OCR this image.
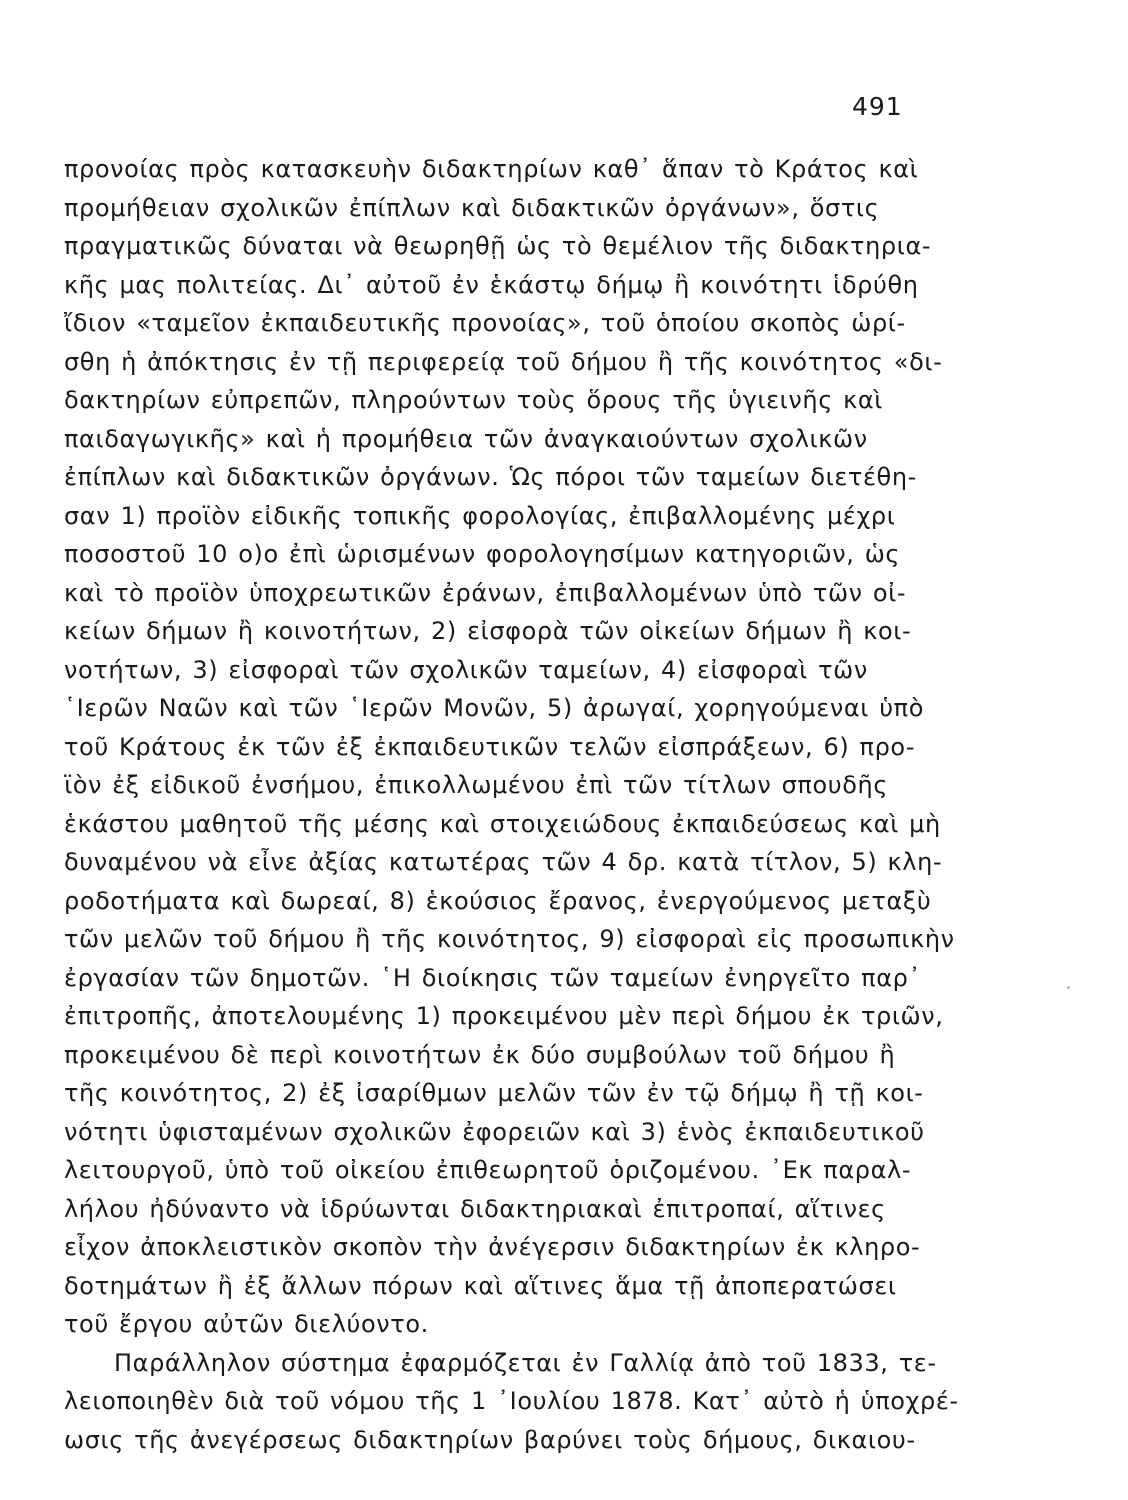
491
προνοίας πρὸς κατασκευὴν διδακτηρίων καθ᾽ ἅπαν τὸ Κράτος καὶ
προμήθειαν σχολικῶν ἐπίπλων καὶ διδακτικῶν ὀργάνων», ὅστις
πραγματικῶς δύναται νὰ θεωρηθῇ ὡς τὸ θεμέλιον τῆς διδακτηρια-
κῆς μας πολιτείας. Δι᾽ αὐτοῦ ἐν ἑκάστῳ δήμῳ ἢ κοινότητι ἱδρύθη
ἴδιον «ταμεῖον ἐκπαιδευτικῆς προνοίας», τοῦ ὁποίου σκοπὸς ὡρί-
σθη ἡ ἀπόκτησις ἐν τῇ περιφερείᾳ τοῦ δήμου ἢ τῆς κοινότητος «δι-
δακτηρίων εὐπρεπῶν, πληρούντων τοὺς ὅρους τῆς ὑγιεινῆς καὶ
παιδαγωγικῆς» καὶ ἡ προμήθεια τῶν ἀναγκαιούντων σχολικῶν
ἐπίπλων καὶ διδακτικῶν ὀργάνων. Ὡς πόροι τῶν ταμείων διετέθη-
σαν 1) προϊὸν εἰδικῆς τοπικῆς φορολογίας, ἐπιβαλλομένης μέχρι
ποσοστοῦ 10 ο)ο ἐπὶ ὡρισμένων φορολογησίμων κατηγοριῶν, ὡς
καὶ τὸ προϊὸν ὑποχρεωτικῶν ἐράνων, ἐπιβαλλομένων ὑπὸ τῶν οἰ-
κείων δήμων ἢ κοινοτήτων, 2) εἰσφορὰ τῶν οἰκείων δήμων ἢ κοι-
νοτήτων, 3) εἰσφοραὶ τῶν σχολικῶν ταμείων, 4) εἰσφοραὶ τῶν
῾Ιερῶν Ναῶν καὶ τῶν ῾Ιερῶν Μονῶν, 5) ἀρωγαί, χορηγούμεναι ὑπὸ
τοῦ Κράτους ἐκ τῶν ἐξ ἐκπαιδευτικῶν τελῶν εἰσπράξεων, 6) προ-
ϊὸν ἐξ εἰδικοῦ ἐνσήμου, ἐπικολλωμένου ἐπὶ τῶν τίτλων σπουδῆς
ἑκάστου μαθητοῦ τῆς μέσης καὶ στοιχειώδους ἐκπαιδεύσεως καὶ μὴ
δυναμένου νὰ εἶνε ἀξίας κατωτέρας τῶν 4 δρ. κατὰ τίτλον, 5) κλη-
ροδοτήματα καὶ δωρεαί, 8) ἑκούσιος ἔρανος, ἐνεργούμενος μεταξὺ
τῶν μελῶν τοῦ δήμου ἢ τῆς κοινότητος, 9) εἰσφοραὶ εἰς προσωπικὴν
ἐργασίαν τῶν δημοτῶν. ῾Η διοίκησις τῶν ταμείων ἐνηργεῖτο παρ᾽
ἐπιτροπῆς, ἀποτελουμένης 1) προκειμένου μὲν περὶ δήμου ἐκ τριῶν,
προκειμένου δὲ περὶ κοινοτήτων ἐκ δύο συμβούλων τοῦ δήμου ἢ
τῆς κοινότητος, 2) ἐξ ἰσαρίθμων μελῶν τῶν ἐν τῷ δήμῳ ἢ τῇ κοι-
νότητι ὑφισταμένων σχολικῶν ἐφορειῶν καὶ 3) ἑνὸς ἐκπαιδευτικοῦ
λειτουργοῦ, ὑπὸ τοῦ οἰκείου ἐπιθεωρητοῦ ὁριζομένου. ᾿Εκ παραλ-
λήλου ἠδύναντο νὰ ἱδρύωνται διδακτηριακαὶ ἐπιτροπαί, αἵτινες
εἶχον ἀποκλειστικὸν σκοπὸν τὴν ἀνέγερσιν διδακτηρίων ἐκ κληρο-
δοτημάτων ἢ ἐξ ἄλλων πόρων καὶ αἵτινες ἅμα τῇ ἀποπερατώσει
τοῦ ἔργου αὐτῶν διελύοντο.
Παράλληλον σύστημα ἐφαρμόζεται ἐν Γαλλίᾳ ἀπὸ τοῦ 1833, τε-
λειοποιηθὲν διὰ τοῦ νόμου τῆς 1 ᾿Ιουλίου 1878. Κατ᾽ αὐτὸ ἡ ὑποχρέ-
ωσις τῆς ἀνεγέρσεως διδακτηρίων βαρύνει τοὺς δήμους, δικαιου-
